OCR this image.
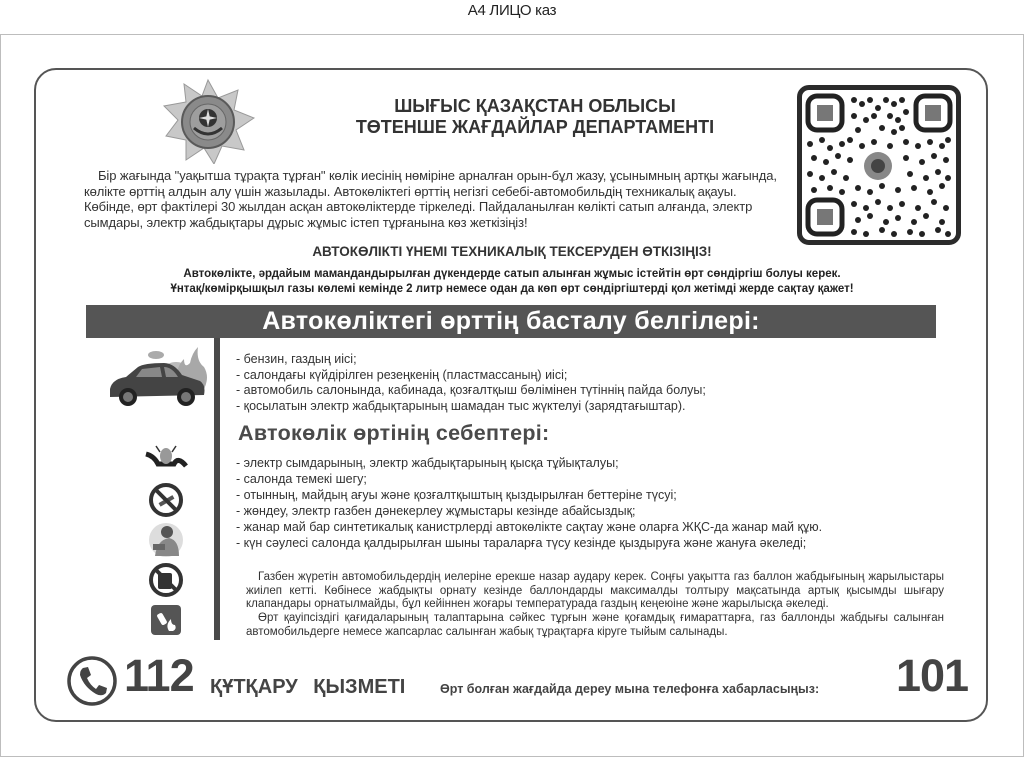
A4 ЛИЦО каз
ШЫҒЫС ҚАЗАҚСТАН ОБЛЫСЫ
ТӨТЕНШЕ ЖАҒДАЙЛАР ДЕПАРТАМЕНТІ
Бір жағында "уақытша тұрақта тұрған" көлік иесінің нөміріне арналған орын-бұл жазу, ұсынымның артқы жағында, көлікте өрттің алдын алу үшін жазылады. Автокөліктегі өрттің негізгі себебі-автомобильдің техникалық ақауы. Көбінде, өрт фактілері 30 жылдан асқан автокөліктерде тіркеледі. Пайдаланылған көлікті сатып алғанда, электр сымдары, электр жабдықтары дұрыс жұмыс істеп тұрғанына көз жеткізіңіз!
АВТОКӨЛІКТІ ҮНЕМІ ТЕХНИКАЛЫҚ ТЕКСЕРУДЕН ӨТКІЗІҢІЗ!
Автокөлікте, әрдайым мамандандырылған дүкендерде сатып алынған жұмыс істейтін өрт сөндіргіш болуы керек.
Ұнтақ/көмірқышқыл газы көлемі кемінде 2 литр немесе одан да көп өрт сөндіргіштерді қол жетімді жерде сақтау қажет!
Автокөліктегі өрттің басталу белгілері:
- бензин, газдың иісі;
- салондағы күйдірілген резеңкенің (пластмассаның) иісі;
- автомобиль салонында, кабинада, қозғалтқыш бөлімінен түтіннің пайда болуы;
- қосылатын электр жабдықтарының шамадан тыс жүктелуі (зарядтағыштар).
Автокөлік өртінің себептері:
- электр сымдарының, электр жабдықтарының қысқа тұйықталуы;
- салонда темекі шегу;
- отынның, майдың ағуы және қозғалтқыштың қыздырылған беттеріне түсуі;
- жөндеу, электр газбен дәнекерлеу жұмыстары кезінде абайсыздық;
- жанар май бар синтетикалық канистрлерді автокөлікте сақтау және оларға ЖҚС-да жанар май құю.
- күн сәулесі салонда қалдырылған шыны тараларға түсу кезінде қыздыруға және жануға әкеледі;

Газбен жүретін автомобильдердің иелеріне ерекше назар аудару керек. Соңғы уақытта газ баллон жабдығының жарылыстары жиілеп кетті. Көбінесе жабдықты орнату кезінде баллондарды максималды толтыру мақсатында артық қысымды шығару клапандары орнатылмайды, бұл кейіннен жоғары температурада газдың кеңеюіне және жарылысқа әкеледі.

Өрт қауіпсіздігі қағидаларының талаптарына сәйкес тұрғын және қоғамдық ғимараттарға, газ баллонды жабдығы салынған автомобильдерге немесе жапсарлас салынған жабық тұрақтарға кіруге тыйым салынады.

112 ҚҰТҚАРУ ҚЫЗМЕТІ	Өрт болған жағдайда дереу мына телефонға хабарласыңыз: 101
